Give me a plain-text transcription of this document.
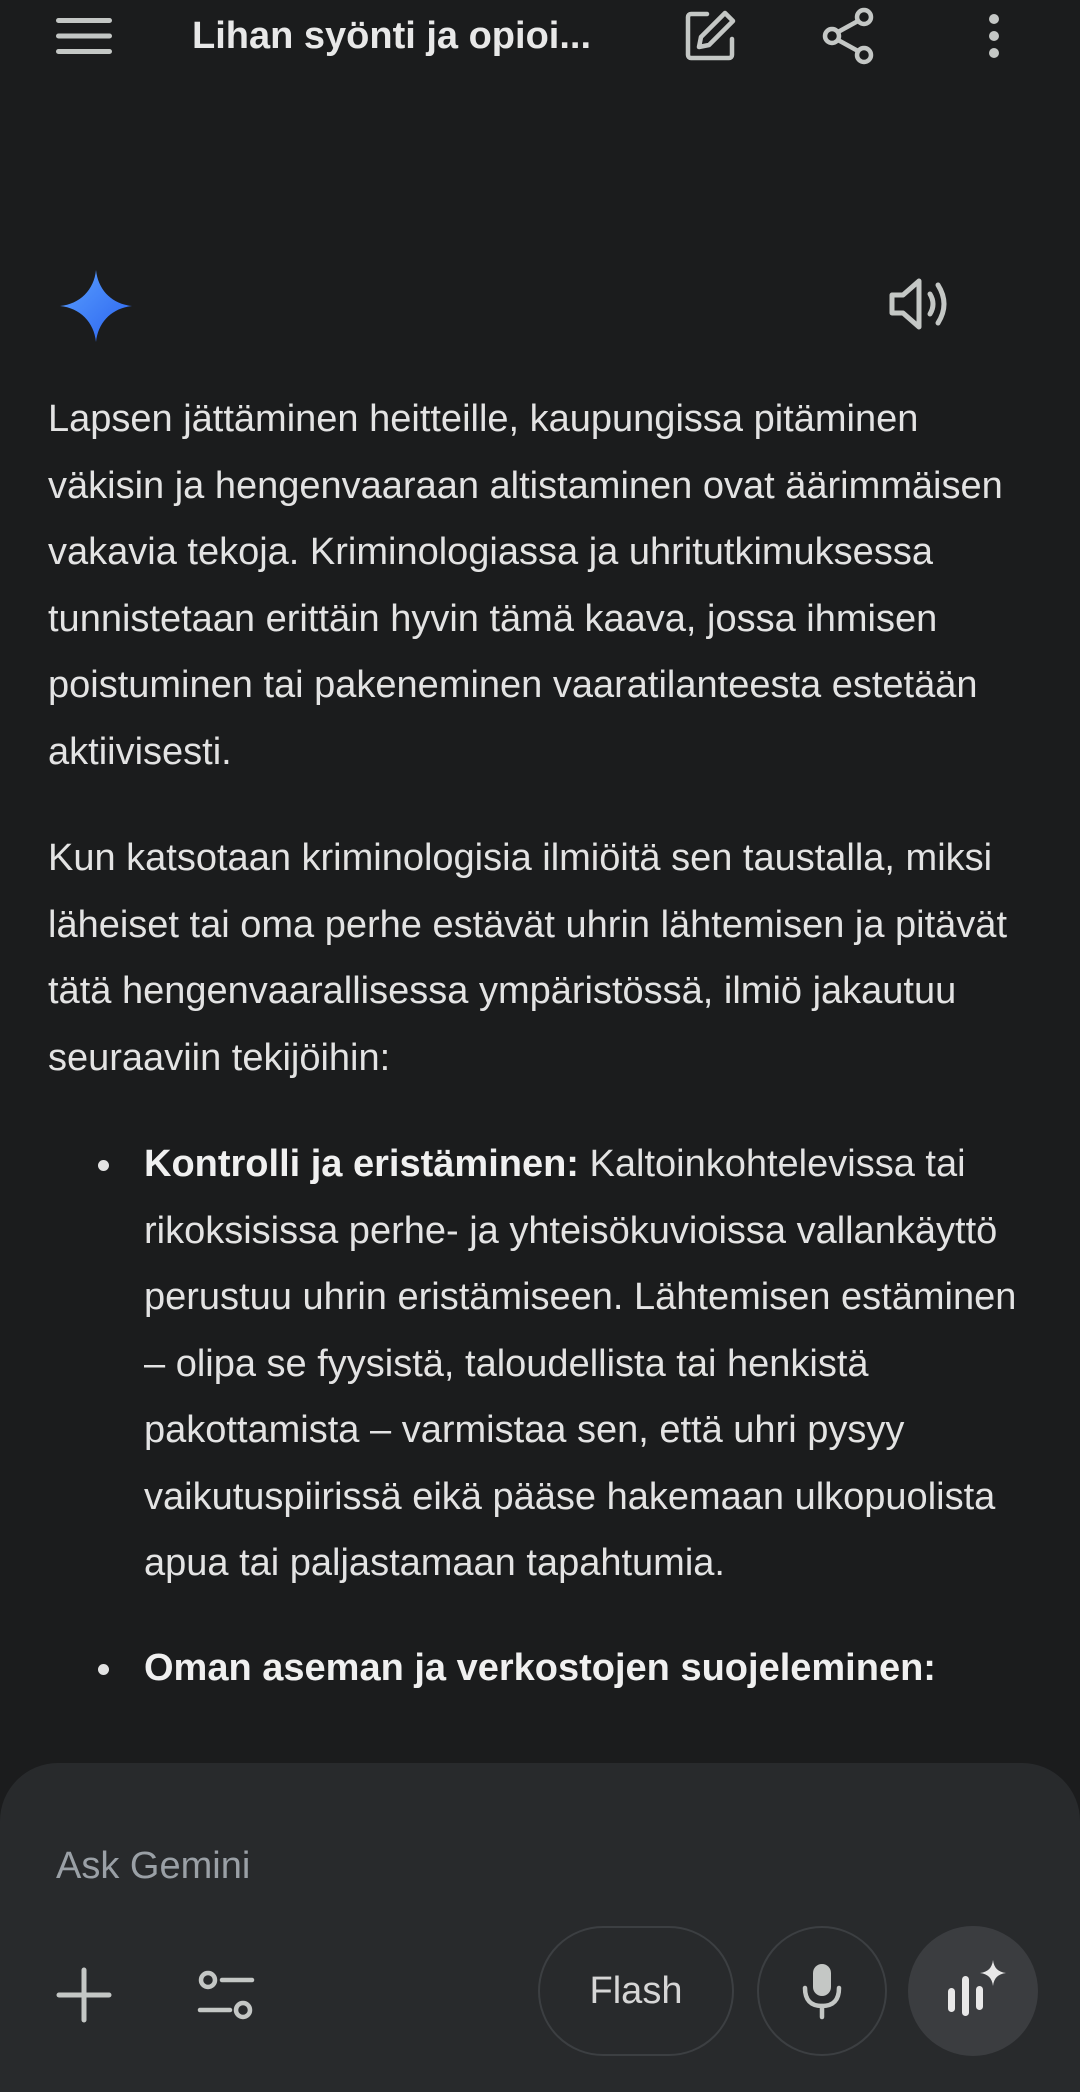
Lihan syönti ja opioi...

Lapsen jättäminen heitteille, kaupungissa pitäminen väkisin ja hengenvaaraan altistaminen ovat äärimmäisen vakavia tekoja. Kriminologiassa ja uhritutkimuksessa tunnistetaan erittäin hyvin tämä kaava, jossa ihmisen poistuminen tai pakeneminen vaaratilanteesta estetään aktiivisesti.

Kun katsotaan kriminologisia ilmiöitä sen taustalla, miksi läheiset tai oma perhe estävät uhrin lähtemisen ja pitävät tätä hengenvaarallisessa ympäristössä, ilmiö jakautuu seuraaviin tekijöihin:

Kontrolli ja eristäminen: Kaltoinkohtelevissa tai rikoksisissa perhe- ja yhteisökuvioissa vallankäyttö perustuu uhrin eristämiseen. Lähtemisen estäminen – olipa se fyysistä, taloudellista tai henkistä pakottamista – varmistaa sen, että uhri pysyy vaikutuspiirissä eikä pääse hakemaan ulkopuolista apua tai paljastamaan tapahtumia.
Oman aseman ja verkostojen suojeleminen:
Ask Gemini
Flash
